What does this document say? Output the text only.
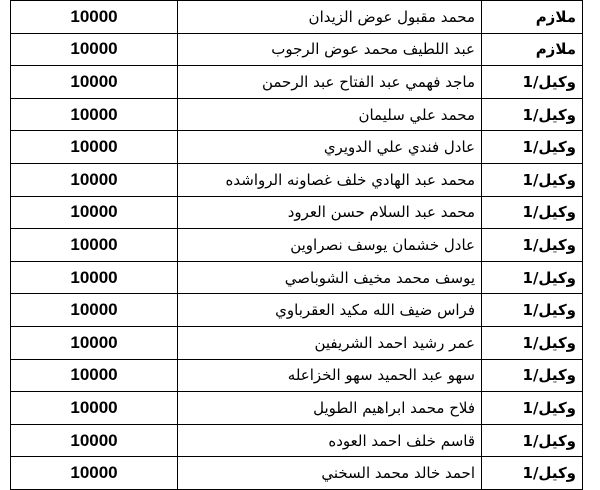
10000	محمد مقبول عوض الزيدان	ملازم
10000	عبد اللطيف محمد عوض الرجوب	ملازم
10000	ماجد فهمي عبد الفتاح عبد الرحمن	وكيل/1
10000	محمد علي سليمان	وكيل/1
10000	عادل فندي علي الدويري	وكيل/1
10000	محمد عبد الهادي خلف غصاونه الرواشده	وكيل/1
10000	محمد عبد السلام حسن العرود	وكيل/1
10000	عادل خشمان يوسف نصراوين	وكيل/1
10000	يوسف محمد مخيف الشوباصي	وكيل/1
10000	فراس ضيف الله مكيد العقرباوي	وكيل/1
10000	عمر رشيد احمد الشريفين	وكيل/1
10000	سهو عبد الحميد سهو الخزاعله	وكيل/1
10000	فلاح محمد ابراهيم الطويل	وكيل/1
10000	قاسم خلف احمد العوده	وكيل/1
10000	احمد خالد محمد السخني	وكيل/1
